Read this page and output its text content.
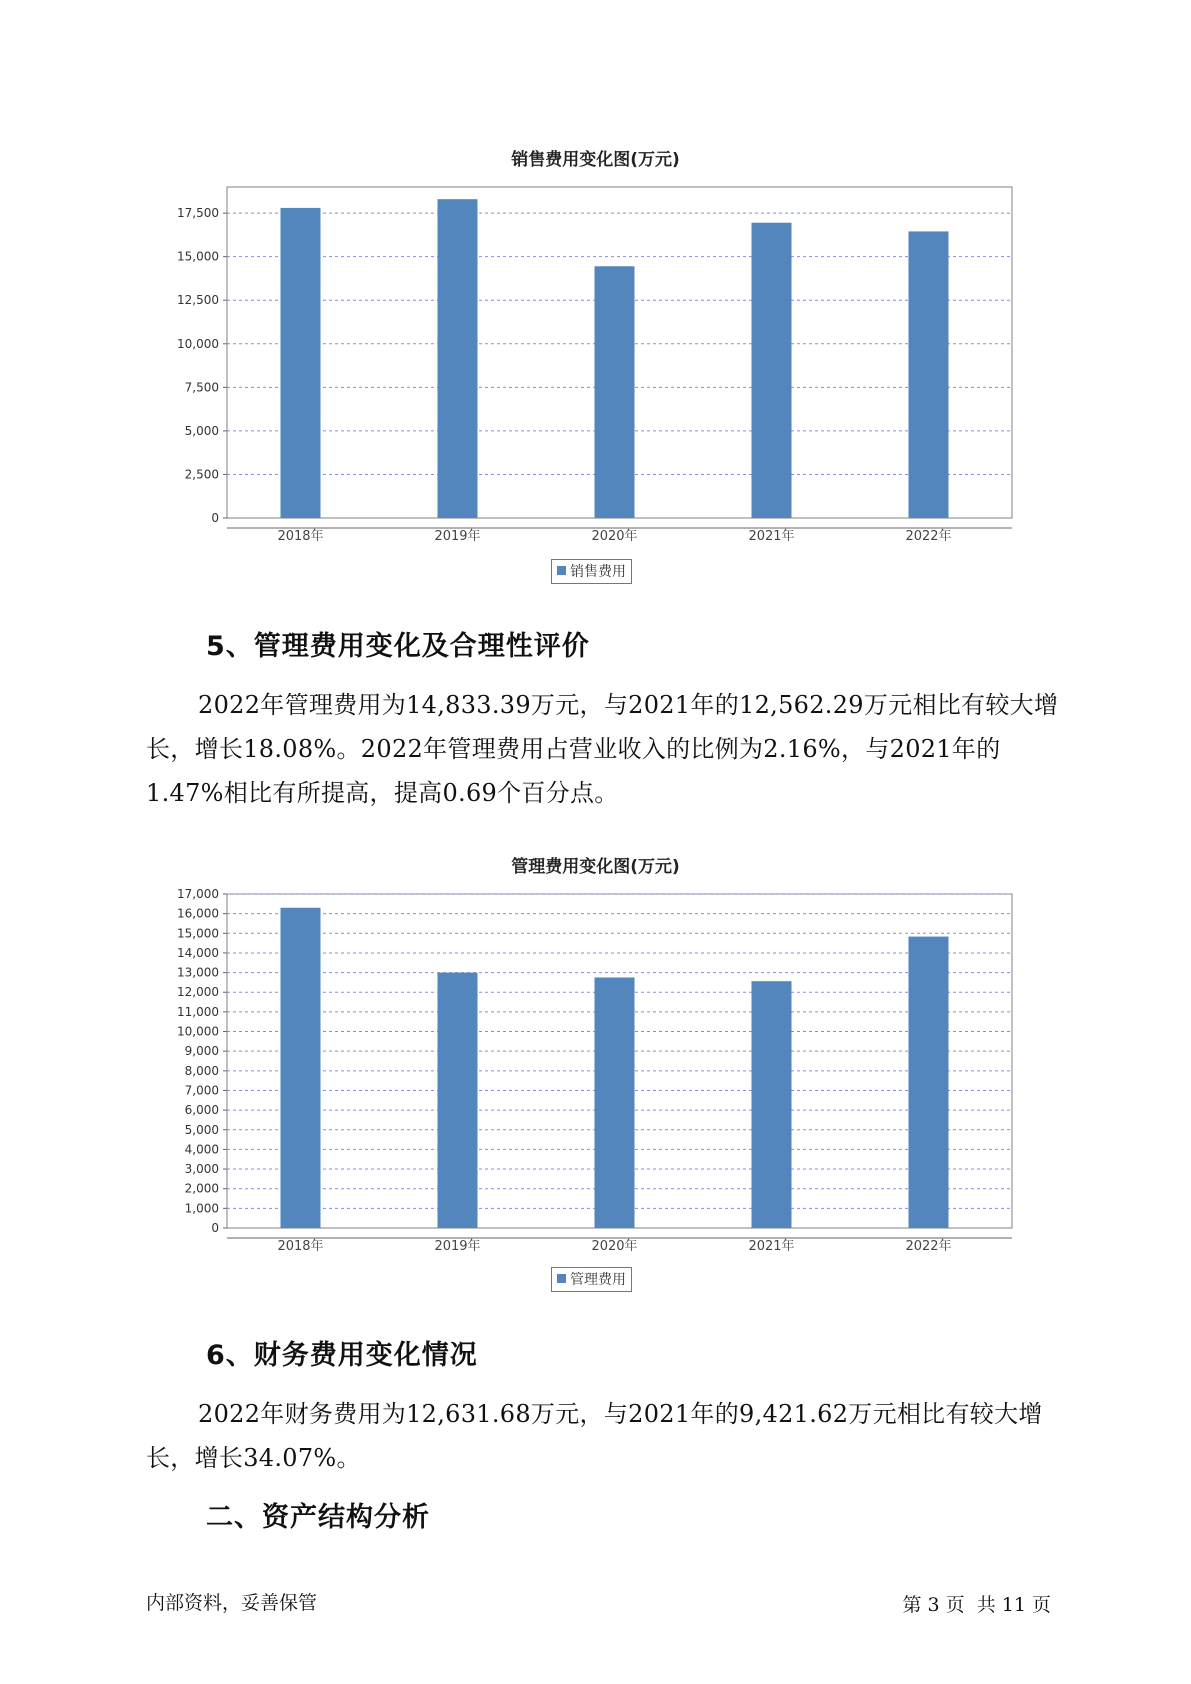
销售费用变化图(万元)
0
2,500
5,000
7,500
10,000
12,500
15,000
17,500
2018年	2019年	2020年	2021年	2022年
销售费用
5、管理费用变化及合理性评价

2022年管理费用为14,833.39万元，与2021年的12,562.29万元相比有较大增长，增长18.08%。2022年管理费用占营业收入的比例为2.16%，与2021年的1.47%相比有所提高，提高0.69个百分点。

管理费用变化图(万元)
0
1,000
2,000
3,000
4,000
5,000
6,000
7,000
8,000
9,000
10,000
11,000
12,000
13,000
14,000
15,000
16,000
17,000
2018年	2019年	2020年	2021年	2022年
管理费用
6、财务费用变化情况

2022年财务费用为12,631.68万元，与2021年的9,421.62万元相比有较大增长，增长34.07%。

二、资产结构分析
内部资料，妥善保管	第 3 页  共 11 页
